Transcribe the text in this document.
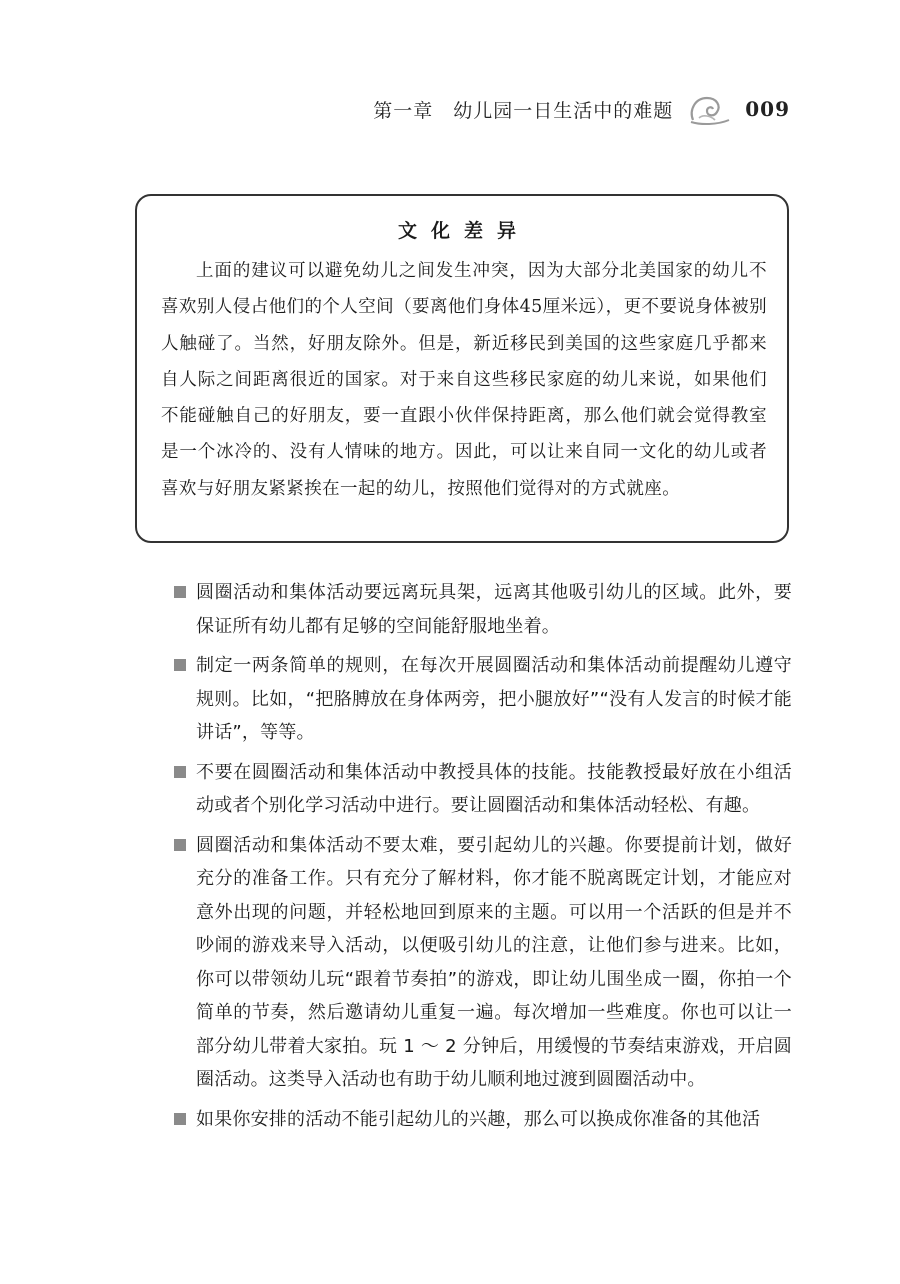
第一章　幼儿园一日生活中的难题	009

文化差异

上面的建议可以避免幼儿之间发生冲突，因为大部分北美国家的幼儿不喜欢别人侵占他们的个人空间（要离他们身体45厘米远），更不要说身体被别人触碰了。当然，好朋友除外。但是，新近移民到美国的这些家庭几乎都来自人际之间距离很近的国家。对于来自这些移民家庭的幼儿来说，如果他们不能碰触自己的好朋友，要一直跟小伙伴保持距离，那么他们就会觉得教室是一个冰冷的、没有人情味的地方。因此，可以让来自同一文化的幼儿或者喜欢与好朋友紧紧挨在一起的幼儿，按照他们觉得对的方式就座。

圆圈活动和集体活动要远离玩具架，远离其他吸引幼儿的区域。此外，要保证所有幼儿都有足够的空间能舒服地坐着。
制定一两条简单的规则，在每次开展圆圈活动和集体活动前提醒幼儿遵守规则。比如，“把胳膊放在身体两旁，把小腿放好”“没有人发言的时候才能讲话”，等等。
不要在圆圈活动和集体活动中教授具体的技能。技能教授最好放在小组活动或者个别化学习活动中进行。要让圆圈活动和集体活动轻松、有趣。
圆圈活动和集体活动不要太难，要引起幼儿的兴趣。你要提前计划，做好充分的准备工作。只有充分了解材料，你才能不脱离既定计划，才能应对意外出现的问题，并轻松地回到原来的主题。可以用一个活跃的但是并不吵闹的游戏来导入活动，以便吸引幼儿的注意，让他们参与进来。比如，你可以带领幼儿玩“跟着节奏拍”的游戏，即让幼儿围坐成一圈，你拍一个简单的节奏，然后邀请幼儿重复一遍。每次增加一些难度。你也可以让一部分幼儿带着大家拍。玩 1 ～ 2 分钟后，用缓慢的节奏结束游戏，开启圆圈活动。这类导入活动也有助于幼儿顺利地过渡到圆圈活动中。
如果你安排的活动不能引起幼儿的兴趣，那么可以换成你准备的其他活
